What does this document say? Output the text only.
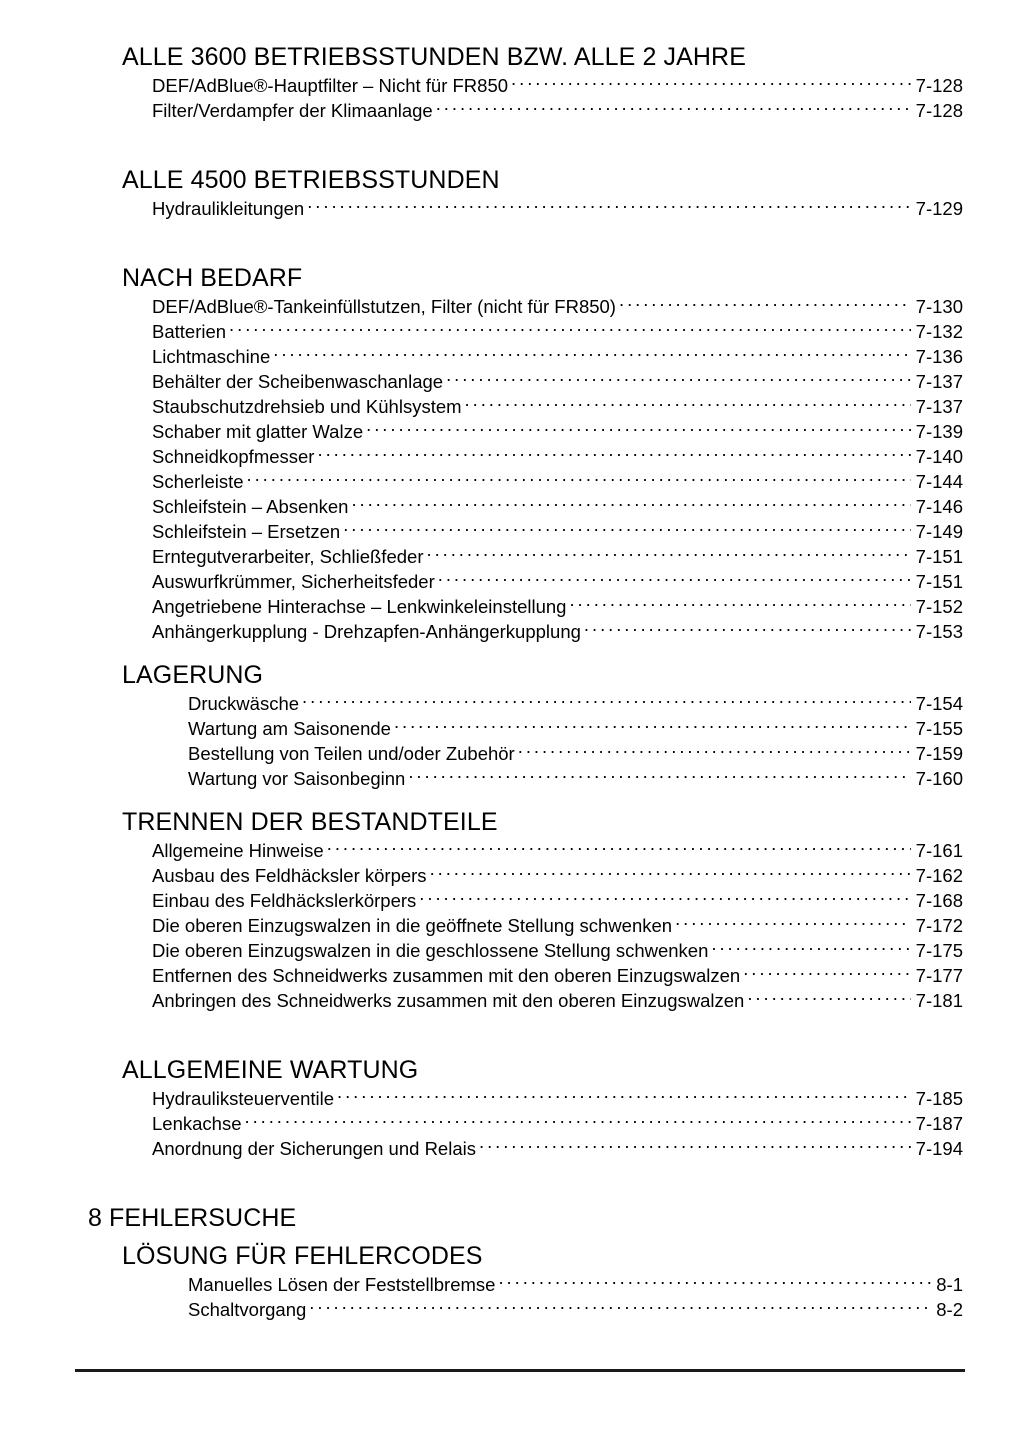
ALLE 3600 BETRIEBSSTUNDEN BZW. ALLE 2 JAHRE
DEF/AdBlue®-Hauptfilter – Nicht für FR850 . . .	7-128
Filter/Verdampfer der Klimaanlage . . .	7-128
ALLE 4500 BETRIEBSSTUNDEN
Hydraulikleitungen . . .	7-129
NACH BEDARF
DEF/AdBlue®-Tankeinfüllstutzen, Filter (nicht für FR850) . . .	7-130
Batterien . . .	7-132
Lichtmaschine . . .	7-136
Behälter der Scheibenwaschanlage . . .	7-137
Staubschutzdrehsieb und Kühlsystem . . .	7-137
Schaber mit glatter Walze . . .	7-139
Schneidkopfmesser . . .	7-140
Scherleiste . . .	7-144
Schleifstein – Absenken . . .	7-146
Schleifstein – Ersetzen . . .	7-149
Erntegutverarbeiter, Schließfeder . . .	7-151
Auswurfkrümmer, Sicherheitsfeder . . .	7-151
Angetriebene Hinterachse – Lenkwinkeleinstellung . . .	7-152
Anhängerkupplung - Drehzapfen-Anhängerkupplung . . .	7-153
LAGERUNG
Druckwäsche . . .	7-154
Wartung am Saisonende . . .	7-155
Bestellung von Teilen und/oder Zubehör . . .	7-159
Wartung vor Saisonbeginn . . .	7-160
TRENNEN DER BESTANDTEILE
Allgemeine Hinweise . . .	7-161
Ausbau des Feldhäcksler körpers . . .	7-162
Einbau des Feldhäckslerkörpers . . .	7-168
Die oberen Einzugswalzen in die geöffnete Stellung schwenken . . .	7-172
Die oberen Einzugswalzen in die geschlossene Stellung schwenken . . .	7-175
Entfernen des Schneidwerks zusammen mit den oberen Einzugswalzen . . .	7-177
Anbringen des Schneidwerks zusammen mit den oberen Einzugswalzen . . .	7-181
ALLGEMEINE WARTUNG
Hydrauliksteuerventile . . .	7-185
Lenkachse . . .	7-187
Anordnung der Sicherungen und Relais . . .	7-194
8 FEHLERSUCHE
LÖSUNG FÜR FEHLERCODES
Manuelles Lösen der Feststellbremse . . .	8-1
Schaltvorgang . . .	8-2
